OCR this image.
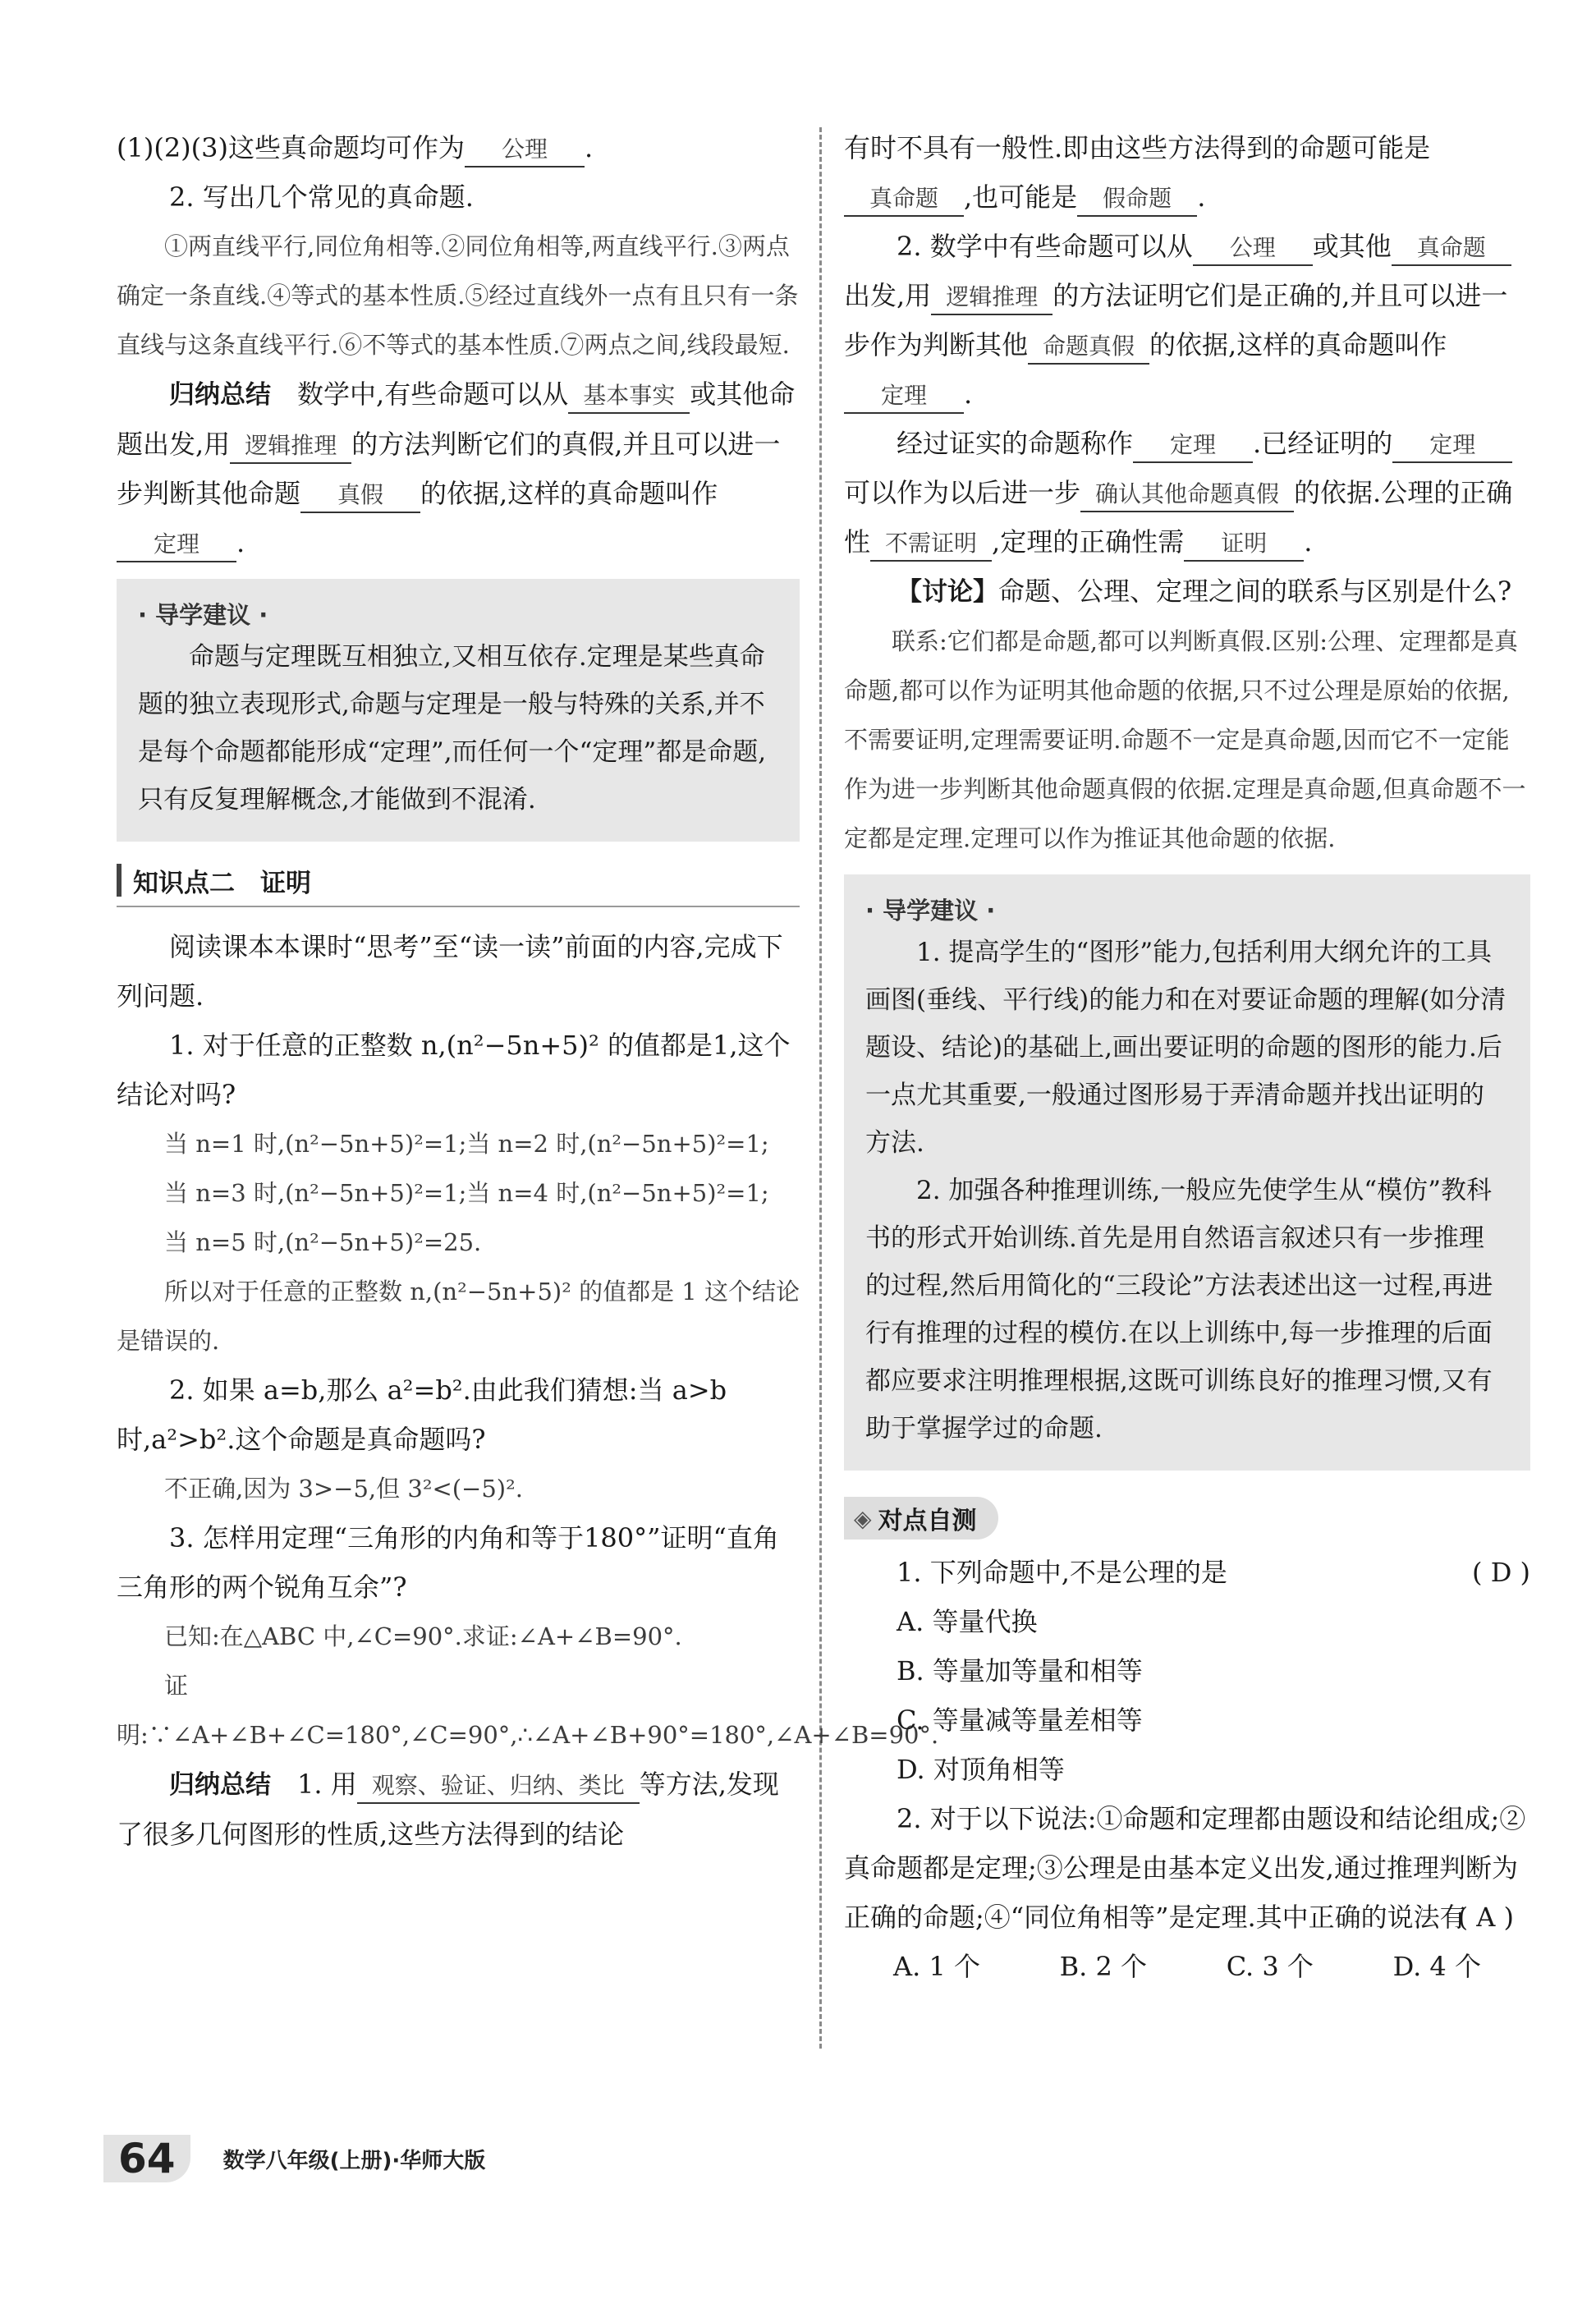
(1)(2)(3)这些真命题均可作为 公理 .

2. 写出几个常见的真命题.

①两直线平行,同位角相等.②同位角相等,两直线平行.③两点确定一条直线.④等式的基本性质.⑤经过直线外一点有且只有一条直线与这条直线平行.⑥不等式的基本性质.⑦两点之间,线段最短.

归纳总结　 数学中,有些命题可以从 基本事实 或其他命题出发,用 逻辑推理 的方法判断它们的真假,并且可以进一步判断其他命题 真假 的依据,这样的真命题叫作定理 .

· 导学建议 ·

命题与定理既互相独立,又相互依存.定理是某些真命题的独立表现形式,命题与定理是一般与特殊的关系,并不是每个命题都能形成“定理”,而任何一个“定理”都是命题,只有反复理解概念,才能做到不混淆.

知识点二　证明

阅读课本本课时“思考”至“读一读”前面的内容,完成下列问题.

1. 对于任意的正整数 n,(n²−5n+5)² 的值都是1,这个结论对吗?

当 n=1 时,(n²−5n+5)²=1;当 n=2 时,(n²−5n+5)²=1;

当 n=3 时,(n²−5n+5)²=1;当 n=4 时,(n²−5n+5)²=1;

当 n=5 时,(n²−5n+5)²=25.

所以对于任意的正整数 n,(n²−5n+5)² 的值都是 1 这个结论是错误的.

2. 如果 a=b,那么 a²=b².由此我们猜想:当 a>b 时,a²>b².这个命题是真命题吗?

不正确,因为 3>−5,但 3²<(−5)².

3. 怎样用定理“三角形的内角和等于180°”证明“直角三角形的两个锐角互余”?

已知:在△ABC 中,∠C=90°.求证:∠A+∠B=90°.

证明:∵∠A+∠B+∠C=180°,∠C=90°,∴∠A+∠B+90°=180°,∠A+∠B=90°.

归纳总结　 1. 用 观察、验证、归纳、类比 等方法,发现了很多几何图形的性质,这些方法得到的结论

有时不具有一般性.即由这些方法得到的命题可能是真命题 ,也可能是 假命题 .

2. 数学中有些命题可以从 公理 或其他 真命题出发,用 逻辑推理 的方法证明它们是正确的,并且可以进一步作为判断其他 命题真假 的依据,这样的真命题叫作定理 .

经过证实的命题称作 定理 .已经证明的 定理可以作为以后进一步 确认其他命题真假 的依据.公理的正确性 不需证明 ,定理的正确性需 证明 .

【讨论】命题、公理、定理之间的联系与区别是什么?

联系:它们都是命题,都可以判断真假.区别:公理、定理都是真命题,都可以作为证明其他命题的依据,只不过公理是原始的依据,不需要证明,定理需要证明.命题不一定是真命题,因而它不一定能作为进一步判断其他命题真假的依据.定理是真命题,但真命题不一定都是定理.定理可以作为推证其他命题的依据.

· 导学建议 ·

1. 提高学生的“图形”能力,包括利用大纲允许的工具画图(垂线、平行线)的能力和在对要证命题的理解(如分清题设、结论)的基础上,画出要证明的命题的图形的能力.后一点尤其重要,一般通过图形易于弄清命题并找出证明的方法.

2. 加强各种推理训练,一般应先使学生从“模仿”教科书的形式开始训练.首先是用自然语言叙述只有一步推理的过程,然后用简化的“三段论”方法表述出这一过程,再进行有推理的过程的模仿.在以上训练中,每一步推理的后面都应要求注明推理根据,这既可训练良好的推理习惯,又有助于掌握学过的命题.

◈ 对点自测
1. 下列命题中,不是公理的是	( D )

A. 等量代换

B. 等量加等量和相等

C. 等量减等量差相等

D. 对顶角相等

2. 对于以下说法:①命题和定理都由题设和结论组成;②真命题都是定理;③公理是由基本定义出发,通过推理判断为正确的命题;④“同位角相等”是定理.其中正确的说法有

( A )

A. 1 个	B. 2 个	C. 3 个	D. 4 个
64	数学八年级(上册)·华师大版
